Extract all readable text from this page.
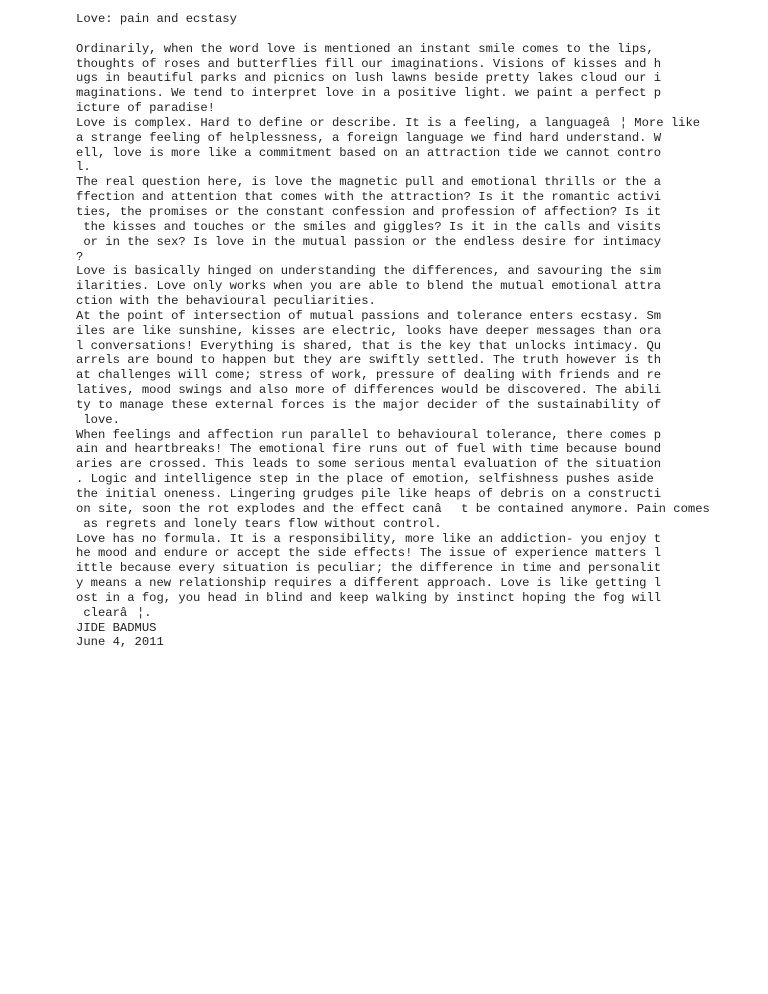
Love: pain and ecstasy
Ordinarily, when the word love is mentioned an instant smile comes to the lips,
thoughts of roses and butterflies fill our imaginations. Visions of kisses and h
ugs in beautiful parks and picnics on lush lawns beside pretty lakes cloud our i
maginations. We tend to interpret love in a positive light. we paint a perfect p
icture of paradise!
Love is complex. Hard to define or describe. It is a feeling, a languageâ¦ More like
a strange feeling of helplessness, a foreign language we find hard understand. W
ell, love is more like a commitment based on an attraction tide we cannot contro
l.
The real question here, is love the magnetic pull and emotional thrills or the a
ffection and attention that comes with the attraction? Is it the romantic activi
ties, the promises or the constant confession and profession of affection? Is it
the kisses and touches or the smiles and giggles? Is it in the calls and visits
or in the sex? Is love in the mutual passion or the endless desire for intimacy
?
Love is basically hinged on understanding the differences, and savouring the sim
ilarities. Love only works when you are able to blend the mutual emotional attra
ction with the behavioural peculiarities.
At the point of intersection of mutual passions and tolerance enters ecstasy. Sm
iles are like sunshine, kisses are electric, looks have deeper messages than ora
l conversations! Everything is shared, that is the key that unlocks intimacy. Qu
arrels are bound to happen but they are swiftly settled. The truth however is th
at challenges will come; stress of work, pressure of dealing with friends and re
latives, mood swings and also more of differences would be discovered. The abili
ty to manage these external forces is the major decider of the sustainability of
love.
When feelings and affection run parallel to behavioural tolerance, there comes p
ain and heartbreaks! The emotional fire runs out of fuel with time because bound
aries are crossed. This leads to some serious mental evaluation of the situation
. Logic and intelligence step in the place of emotion, selfishness pushes aside
the initial oneness. Lingering grudges pile like heaps of debris on a constructi
on site, soon the rot explodes and the effect canât be contained anymore. Pain comes
as regrets and lonely tears flow without control.
Love has no formula. It is a responsibility, more like an addiction- you enjoy t
he mood and endure or accept the side effects! The issue of experience matters l
ittle because every situation is peculiar; the difference in time and personalit
y means a new relationship requires a different approach. Love is like getting l
ost in a fog, you head in blind and keep walking by instinct hoping the fog will
clearâ¦.
JIDE BADMUS
June 4, 2011
